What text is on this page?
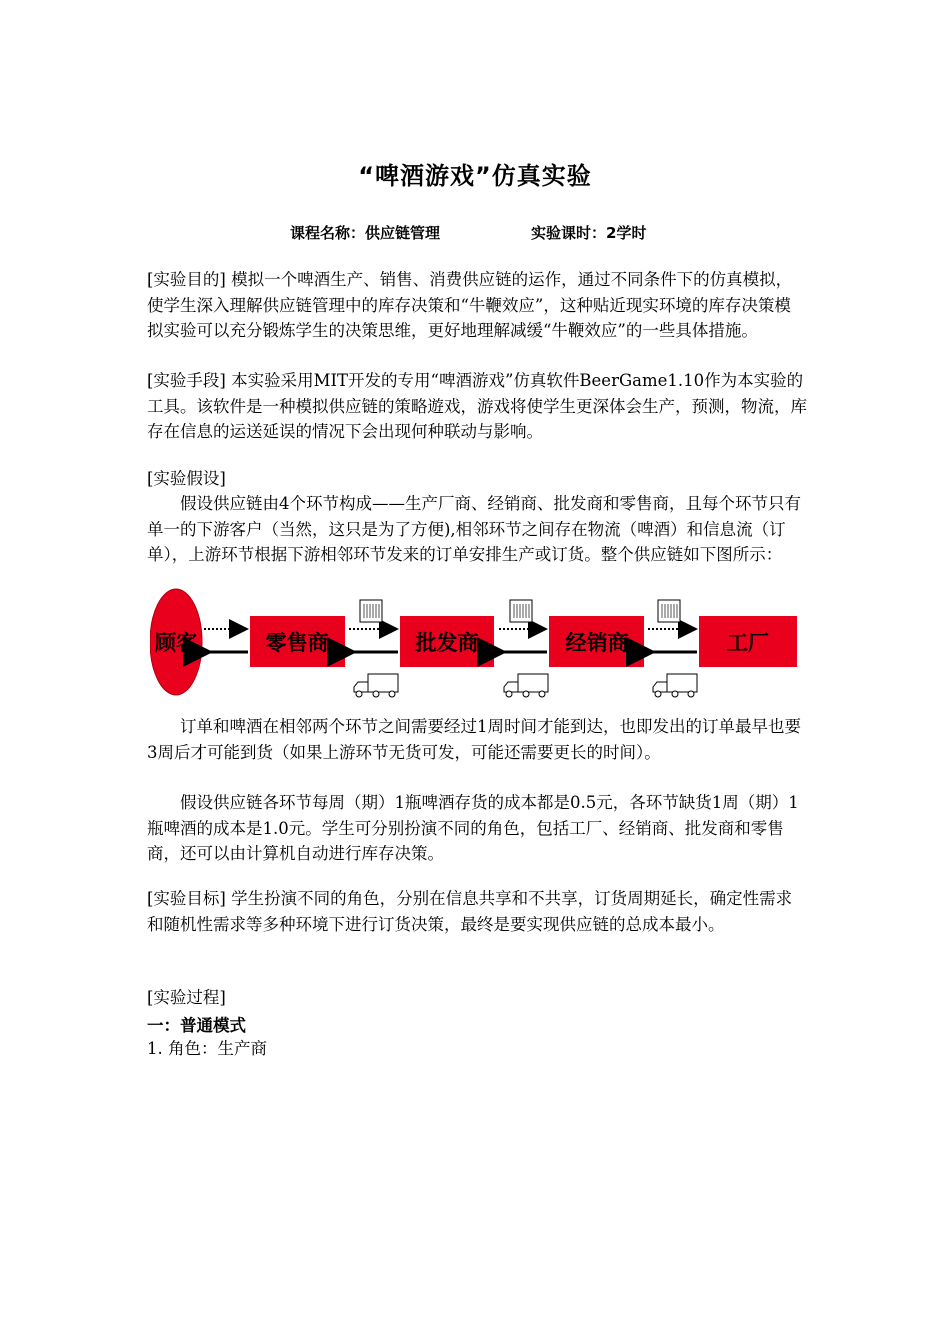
“啤酒游戏”仿真实验
课程名称：供应链管理	实验课时：2学时
[实验目的] 模拟一个啤酒生产、销售、消费供应链的运作，通过不同条件下的仿真模拟，使学生深入理解供应链管理中的库存决策和“牛鞭效应”，这种贴近现实环境的库存决策模拟实验可以充分锻炼学生的决策思维，更好地理解减缓“牛鞭效应”的一些具体措施。
[实验手段] 本实验采用MIT开发的专用“啤酒游戏”仿真软件BeerGame1.10作为本实验的工具。该软件是一种模拟供应链的策略遊戏，游戏将使学生更深体会生产，预测，物流，库存在信息的运送延误的情况下会出现何种联动与影响。
[实验假设]
假设供应链由4个环节构成——生产厂商、经销商、批发商和零售商，且每个环节只有单一的下游客户（当然，这只是为了方便),相邻环节之间存在物流（啤酒）和信息流（订单），上游环节根据下游相邻环节发来的订单安排生产或订货。整个供应链如下图所示：
顾客	零售商	批发商	经销商	工厂
订单和啤酒在相邻两个环节之间需要经过1周时间才能到达，也即发出的订单最早也要3周后才可能到货（如果上游环节无货可发，可能还需要更长的时间）。
假设供应链各环节每周（期）1瓶啤酒存货的成本都是0.5元，各环节缺货1周（期）1瓶啤酒的成本是1.0元。学生可分别扮演不同的角色，包括工厂、经销商、批发商和零售商，还可以由计算机自动进行库存决策。
[实验目标] 学生扮演不同的角色，分别在信息共享和不共享，订货周期延长，确定性需求和随机性需求等多种环境下进行订货决策，最终是要实现供应链的总成本最小。
[实验过程]
一：普通模式
1. 角色：生产商
